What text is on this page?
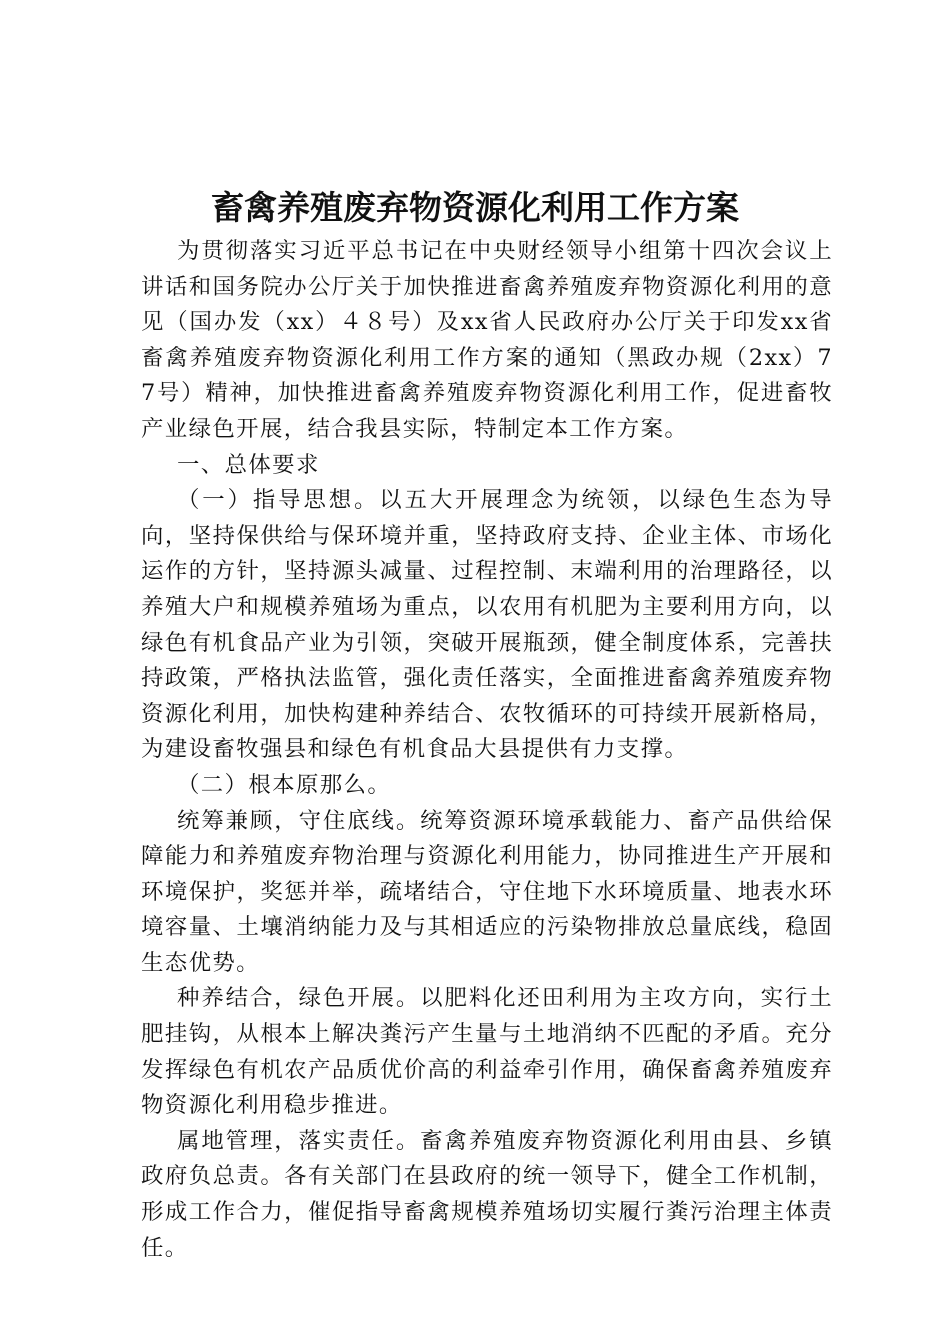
畜禽养殖废弃物资源化利用工作方案

为贯彻落实习近平总书记在中央财经领导小组第十四次会议上讲话和国务院办公厅关于加快推进畜禽养殖废弃物资源化利用的意见（国办发（xx）４８号）及xx省人民政府办公厅关于印发xx省畜禽养殖废弃物资源化利用工作方案的通知（黑政办规（2xx）77号）精神，加快推进畜禽养殖废弃物资源化利用工作，促进畜牧产业绿色开展，结合我县实际，特制定本工作方案。

一、总体要求

（一）指导思想。以五大开展理念为统领，以绿色生态为导向，坚持保供给与保环境并重，坚持政府支持、企业主体、市场化运作的方针，坚持源头减量、过程控制、末端利用的治理路径，以养殖大户和规模养殖场为重点，以农用有机肥为主要利用方向，以绿色有机食品产业为引领，突破开展瓶颈，健全制度体系，完善扶持政策，严格执法监管，强化责任落实，全面推进畜禽养殖废弃物资源化利用，加快构建种养结合、农牧循环的可持续开展新格局，为建设畜牧强县和绿色有机食品大县提供有力支撑。

（二）根本原那么。

统筹兼顾，守住底线。统筹资源环境承载能力、畜产品供给保障能力和养殖废弃物治理与资源化利用能力，协同推进生产开展和环境保护，奖惩并举，疏堵结合，守住地下水环境质量、地表水环境容量、土壤消纳能力及与其相适应的污染物排放总量底线，稳固生态优势。

种养结合，绿色开展。以肥料化还田利用为主攻方向，实行土肥挂钩，从根本上解决粪污产生量与土地消纳不匹配的矛盾。充分发挥绿色有机农产品质优价高的利益牵引作用，确保畜禽养殖废弃物资源化利用稳步推进。

属地管理，落实责任。畜禽养殖废弃物资源化利用由县、乡镇政府负总责。各有关部门在县政府的统一领导下，健全工作机制，形成工作合力，催促指导畜禽规模养殖场切实履行粪污治理主体责任。
